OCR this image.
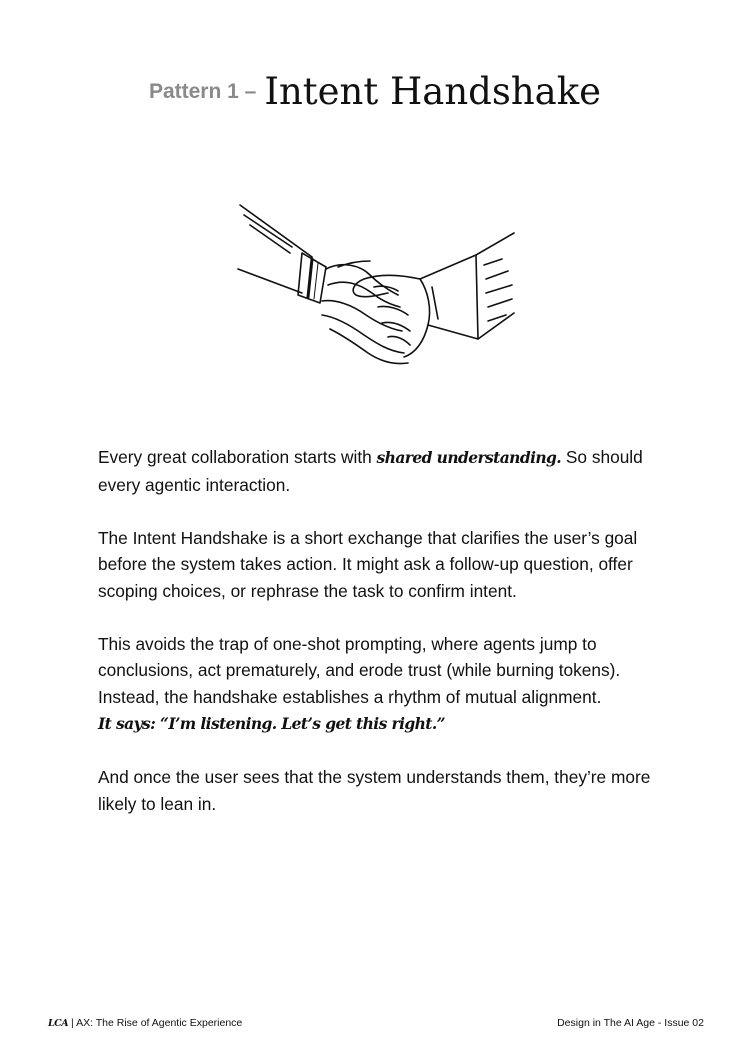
Pattern 1 – Intent Handshake

Every great collaboration starts with shared understanding. So should every agentic interaction.

The Intent Handshake is a short exchange that clarifies the user’s goal before the system takes action. It might ask a follow-up question, offer scoping choices, or rephrase the task to confirm intent.

This avoids the trap of one-shot prompting, where agents jump to conclusions, act prematurely, and erode trust (while burning tokens). Instead, the handshake establishes a rhythm of mutual alignment.
It says: “I’m listening. Let’s get this right.”

And once the user sees that the system understands them, they’re more likely to lean in.

LCA | AX: The Rise of Agentic Experience	Design in The AI Age - Issue 02
